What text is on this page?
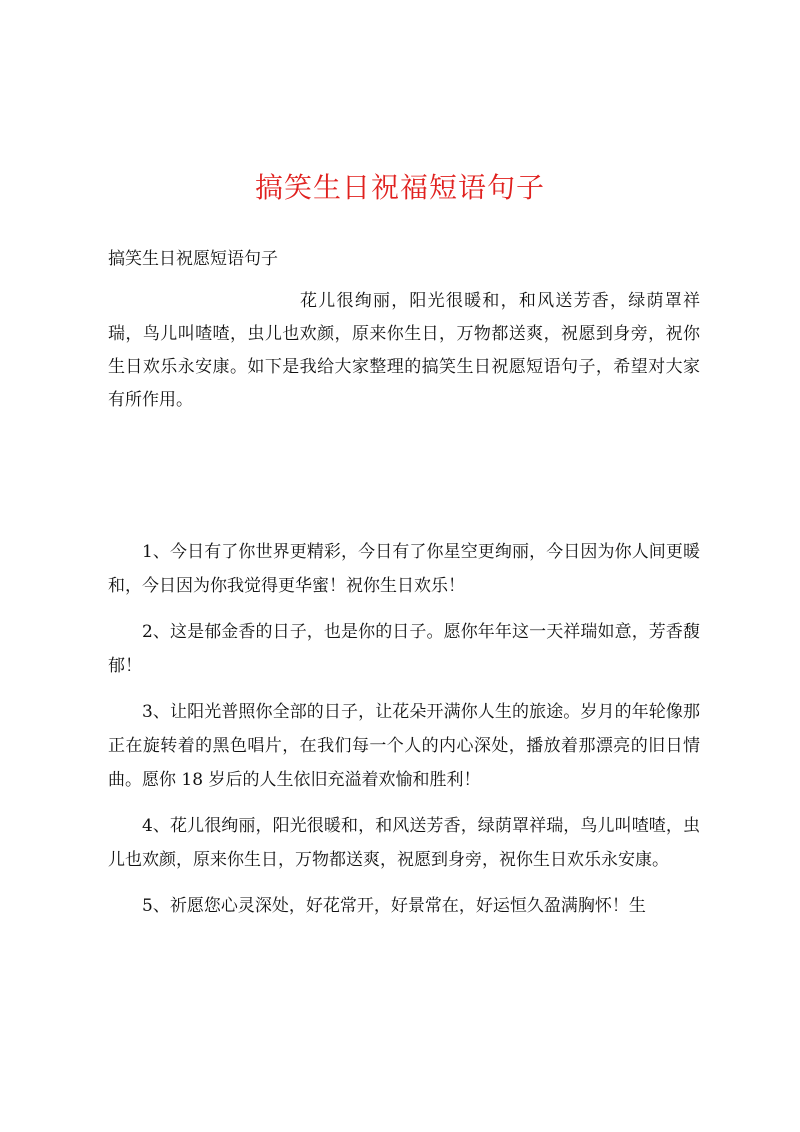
搞笑生日祝福短语句子
搞笑生日祝愿短语句子

花儿很绚丽，阳光很暖和，和风送芳香，绿荫罩祥瑞，鸟儿叫喳喳，虫儿也欢颜，原来你生日，万物都送爽，祝愿到身旁，祝你生日欢乐永安康。如下是我给大家整理的搞笑生日祝愿短语句子，希望对大家有所作用。

1、今日有了你世界更精彩，今日有了你星空更绚丽，今日因为你人间更暖和，今日因为你我觉得更华蜜！祝你生日欢乐！

2、这是郁金香的日子，也是你的日子。愿你年年这一天祥瑞如意，芳香馥郁！

3、让阳光普照你全部的日子，让花朵开满你人生的旅途。岁月的年轮像那正在旋转着的黑色唱片，在我们每一个人的内心深处，播放着那漂亮的旧日情曲。愿你 18 岁后的人生依旧充溢着欢愉和胜利！

4、花儿很绚丽，阳光很暖和，和风送芳香，绿荫罩祥瑞，鸟儿叫喳喳，虫儿也欢颜，原来你生日，万物都送爽，祝愿到身旁，祝你生日欢乐永安康。

5、祈愿您心灵深处，好花常开，好景常在，好运恒久盈满胸怀！生
